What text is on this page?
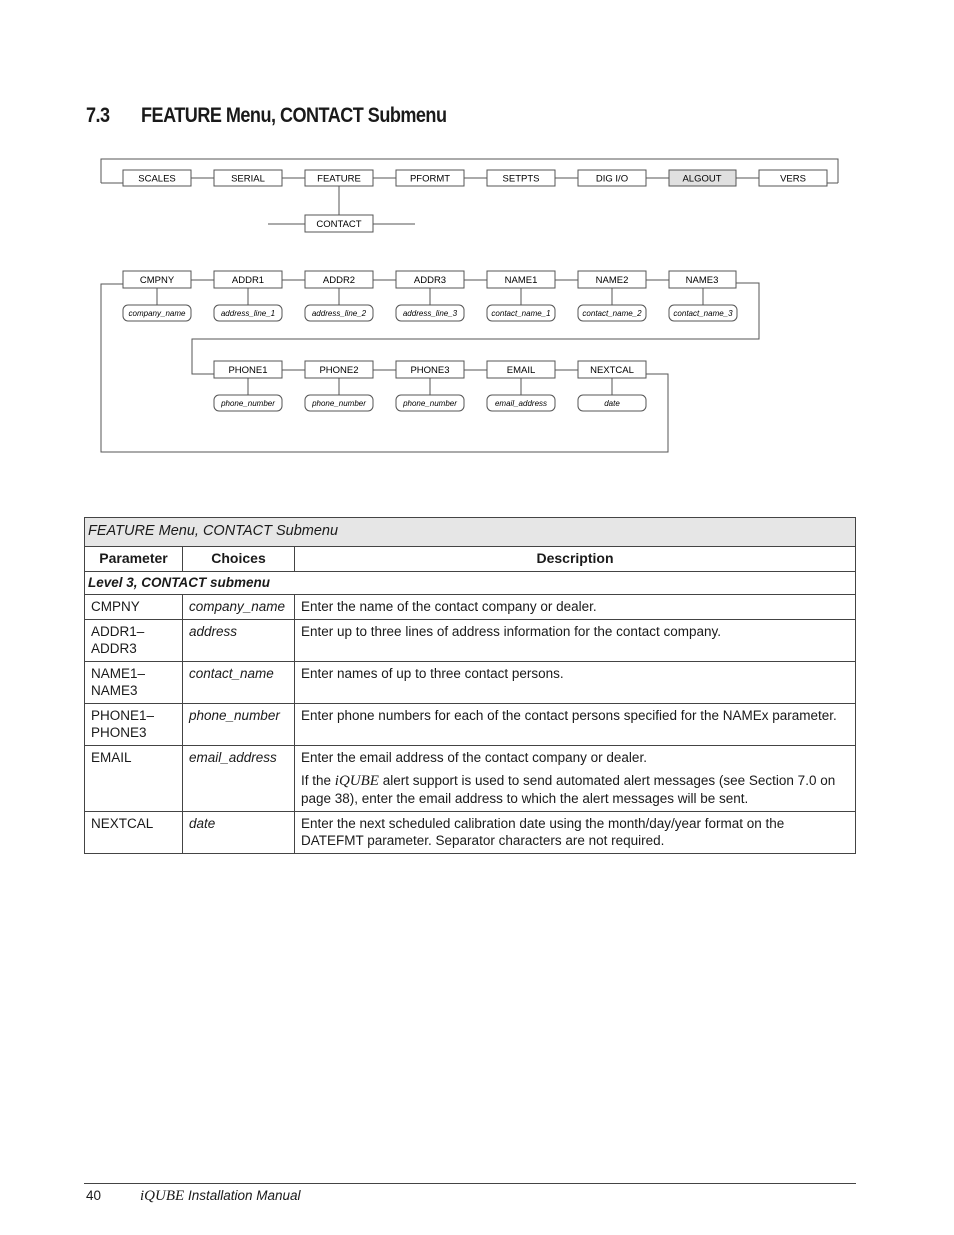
7.3 FEATURE Menu, CONTACT Submenu
SCALES	SERIAL	FEATURE	PFORMT	SETPTS	DIG I/O	ALGOUT	VERS
CONTACT
CMPNY	ADDR1	ADDR2	ADDR3	NAME1	NAME2	NAME3
company_name	address_line_1	address_line_2	address_line_3	contact_name_1	contact_name_2	contact_name_3
PHONE1	PHONE2	PHONE3	EMAIL	NEXTCAL
phone_number	phone_number	phone_number	email_address	date
FEATURE Menu, CONTACT Submenu		
Parameter	Choices	Description
Level 3, CONTACT submenu		
CMPNY	company_name	Enter the name of the contact company or dealer.
ADDR1–ADDR3	address	Enter up to three lines of address information for the contact company.
NAME1–NAME3	contact_name	Enter names of up to three contact persons.
PHONE1–PHONE3	phone_number	Enter phone numbers for each of the contact persons specified for the NAMEx parameter.
EMAIL	email_address	Enter the email address of the contact company or dealer.

If the iQUBE alert support is used to send automated alert messages (see Section 7.0 on page 38), enter the email address to which the alert messages will be sent.

NEXTCAL	date	Enter the next scheduled calibration date using the month/day/year format on the DATEFMT parameter. Separator characters are not required.
40	iQUBE Installation Manual
